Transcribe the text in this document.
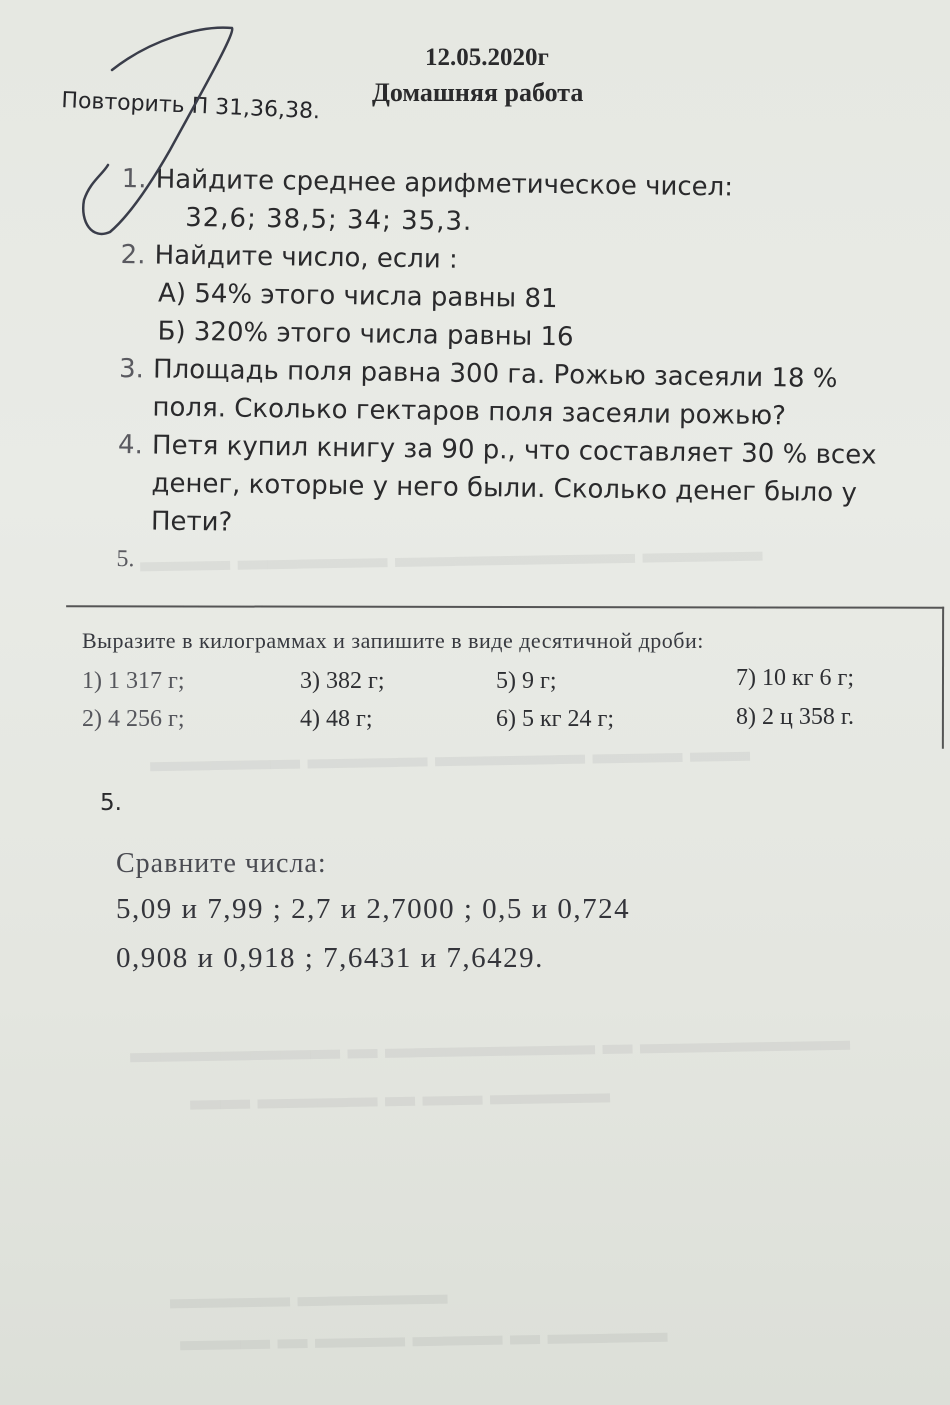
▬▬▬ ▬▬▬▬▬ ▬▬▬▬▬▬▬▬ ▬▬▬▬
▬▬▬▬▬ ▬▬▬▬ ▬▬▬▬▬ ▬▬▬ ▬▬
▬▬▬▬▬▬▬ ▬ ▬▬▬▬▬▬▬ ▬ ▬▬▬▬▬▬▬
▬▬ ▬▬▬▬ ▬ ▬▬ ▬▬▬▬
▬▬▬▬ ▬▬▬▬▬
▬▬▬ ▬ ▬▬▬ ▬▬▬ ▬ ▬▬▬▬
12.05.2020г
Домашняя работа
Повторить П 31,36,38.
1. Найдите среднее арифметическое чисел:
32,6; 38,5; 34; 35,3.
2. Найдите число, если :
А) 54% этого числа равны 81
Б) 320% этого числа равны 16
3. Площадь поля равна 300 га. Рожью засеяли 18 %
поля. Сколько гектаров поля засеяли рожью?
4. Петя купил книгу за 90 р., что составляет 30 % всех
денег, которые у него были. Сколько денег было у
Пети?
5.
Выразите в килограммах и запишите в виде десятичной дроби:
1) 1 317 г;	3) 382 г;	5) 9 г;	7) 10 кг 6 г;
2) 4 256 г;	4) 48 г;	6) 5 кг 24 г;	8) 2 ц 358 г.
5.
Сравните числа:
5,09 и 7,99 ; 2,7 и 2,7000 ; 0,5 и 0,724
0,908 и 0,918 ; 7,6431 и 7,6429.
